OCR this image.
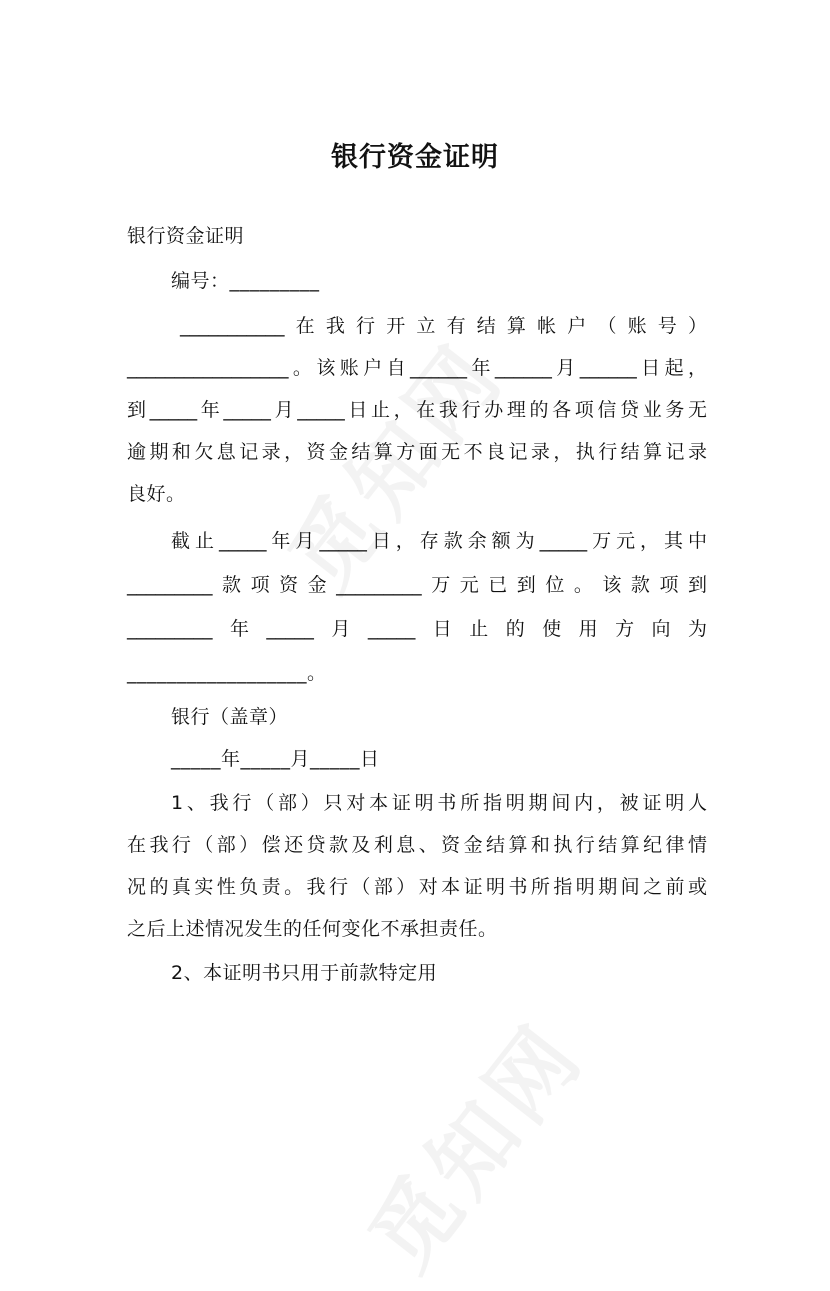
银行资金证明

银行资金证明

编号：_________

___________在我行开立有结算帐户（账号）

_________________。该账户自______年______月______日起，

到_____年_____月_____日止，在我行办理的各项信贷业务无

逾期和欠息记录，资金结算方面无不良记录，执行结算记录

良好。

截止_____年月_____日，存款余额为_____万元，其中

_________款项资金_________万元已到位。该款项到

_________年_____月_____日止的使用方向为

__________________。

银行（盖章）

_____年_____月_____日

1、我行（部）只对本证明书所指明期间内，被证明人

在我行（部）偿还贷款及利息、资金结算和执行结算纪律情

况的真实性负责。我行（部）对本证明书所指明期间之前或

之后上述情况发生的任何变化不承担责任。

2、本证明书只用于前款特定用
